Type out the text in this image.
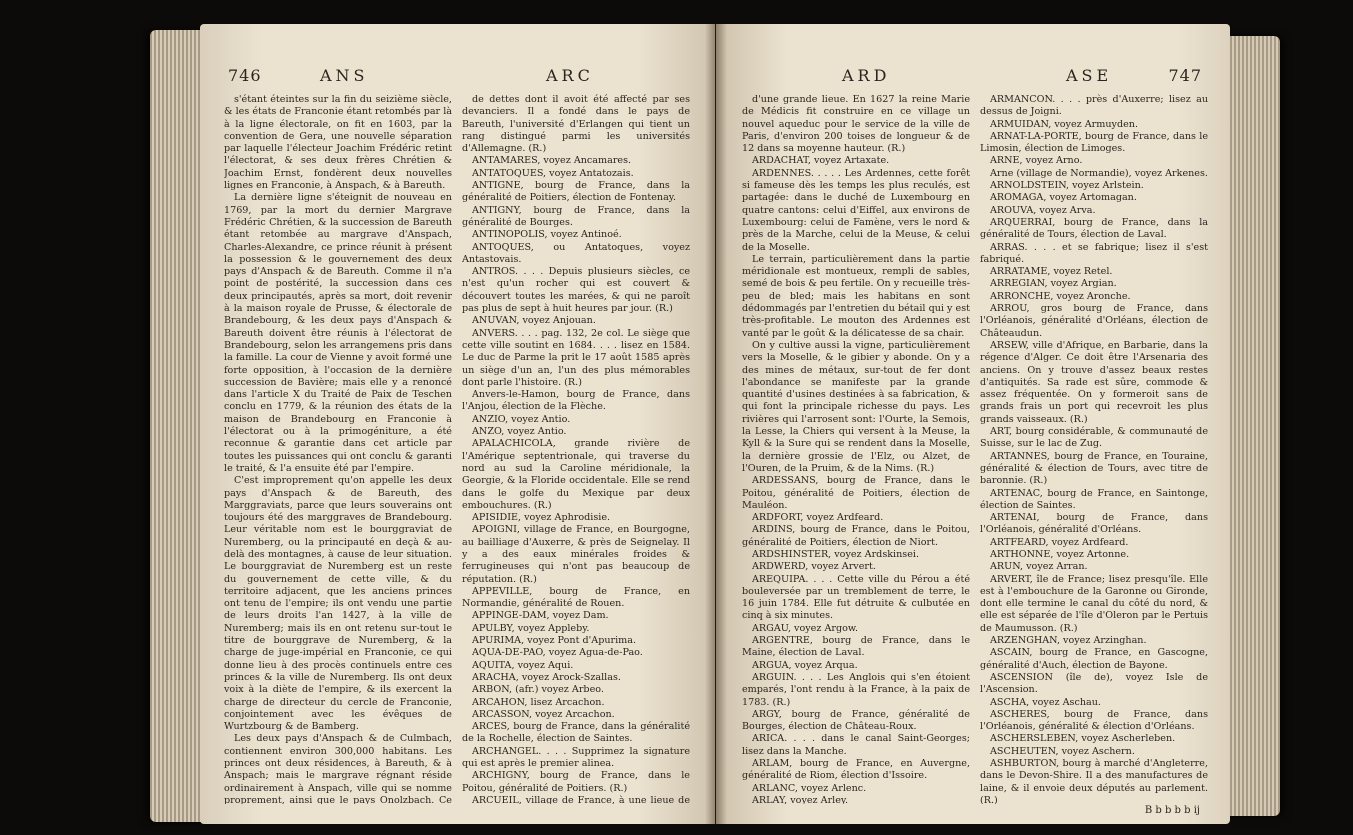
746	ANS	ARC

s'étant éteintes sur la fin du seizième siècle, & les états de Franconie étant retombés par là à la ligne électorale, on fit en 1603, par la convention de Gera, une nouvelle séparation par laquelle l'électeur Joachim Frédéric retint l'électorat, & ses deux frères Chrétien & Joachim Ernst, fondèrent deux nouvelles lignes en Franconie, à Anspach, & à Bareuth.

La dernière ligne s'éteignit de nouveau en 1769, par la mort du dernier Margrave Frédéric Chrétien, & la succession de Bareuth étant retombée au margrave d'Anspach, Charles-Alexandre, ce prince réunit à présent la possession & le gouvernement des deux pays d'Anspach & de Bareuth. Comme il n'a point de postérité, la succession dans ces deux principautés, après sa mort, doit revenir à la maison royale de Prusse, & électorale de Brandebourg, & les deux pays d'Anspach & Bareuth doivent être réunis à l'électorat de Brandebourg, selon les arrangemens pris dans la famille. La cour de Vienne y avoit formé une forte opposition, à l'occasion de la dernière succession de Bavière; mais elle y a renoncé dans l'article X du Traité de Paix de Teschen conclu en 1779, & la réunion des états de la maison de Brandebourg en Franconie à l'électorat ou à la primogéniture, a été reconnue & garantie dans cet article par toutes les puissances qui ont conclu & garanti le traité, & l'a ensuite été par l'empire.

C'est improprement qu'on appelle les deux pays d'Anspach & de Bareuth, des Marggraviats, parce que leurs souverains ont toujours été des marggraves de Brandebourg. Leur véritable nom est le bourggraviat de Nuremberg, ou la principauté en deçà & au-delà des montagnes, à cause de leur situation. Le bourggraviat de Nuremberg est un reste du gouvernement de cette ville, & du territoire adjacent, que les anciens princes ont tenu de l'empire; ils ont vendu une partie de leurs droits l'an 1427, à la ville de Nuremberg; mais ils en ont retenu sur-tout le titre de bourggrave de Nuremberg, & la charge de juge-impérial en Franconie, ce qui donne lieu à des procès continuels entre ces princes & la ville de Nuremberg. Ils ont deux voix à la diète de l'empire, & ils exercent la charge de directeur du cercle de Franconie, conjointement avec les évêques de Wurtzbourg & de Bamberg.

Les deux pays d'Anspach & de Culmbach, contiennent environ 300,000 habitans. Les princes ont deux résidences, à Bareuth, & à Anspach; mais le margrave régnant réside ordinairement à Anspach, ville qui se nomme proprement, ainsi que le pays Onolzbach. Ce

de dettes dont il avoit été affecté par ses devanciers. Il a fondé dans le pays de Bareuth, l'université d'Erlangen qui tient un rang distingué parmi les universités d'Allemagne. (R.)

ANTAMARES, voyez Ancamares.

ANTATOQUES, voyez Antatozais.

ANTIGNE, bourg de France, dans la généralité de Poitiers, élection de Fontenay.

ANTIGNY, bourg de France, dans la généralité de Bourges.

ANTINOPOLIS, voyez Antinoé.

ANTOQUES, ou Antatoques, voyez Antastovais.

ANTROS. . . . Depuis plusieurs siècles, ce n'est qu'un rocher qui est couvert & découvert toutes les marées, & qui ne paroît pas plus de sept à huit heures par jour. (R.)

ANUVAN, voyez Anjouan.

ANVERS. . . . pag. 132, 2e col. Le siège que cette ville soutint en 1684. . . . lisez en 1584. Le duc de Parme la prit le 17 août 1585 après un siège d'un an, l'un des plus mémorables dont parle l'histoire. (R.)

Anvers-le-Hamon, bourg de France, dans l'Anjou, élection de la Flèche.

ANZIO, voyez Antio.

ANZO, voyez Antio.

APALACHICOLA, grande rivière de l'Amérique septentrionale, qui traverse du nord au sud la Caroline méridionale, la Georgie, & la Floride occidentale. Elle se rend dans le golfe du Mexique par deux embouchures. (R.)

APISIDIE, voyez Aphrodisie.

APOIGNI, village de France, en Bourgogne, au bailliage d'Auxerre, & près de Seignelay. Il y a des eaux minérales froides & ferrugineuses qui n'ont pas beaucoup de réputation. (R.)

APPEVILLE, bourg de France, en Normandie, généralité de Rouen.

APPINGE-DAM, voyez Dam.

APULBY, voyez Appleby.

APURIMA, voyez Pont d'Apurima.

AQUA-DE-PAO, voyez Agua-de-Pao.

AQUITA, voyez Aqui.

ARACHA, voyez Arock-Szallas.

ARBON, (afr.) voyez Arbeo.

ARCAHON, lisez Arcachon.

ARCASSON, voyez Arcachon.

ARCES, bourg de France, dans la généralité de la Rochelle, élection de Saintes.

ARCHANGEL. . . . Supprimez la signature qui est après le premier alinea.

ARCHIGNY, bourg de France, dans le Poitou, généralité de Poitiers. (R.)

ARCUEIL, village de France, à une lieue de

ARD	ASE	747

d'une grande lieue. En 1627 la reine Marie de Médicis fit construire en ce village un nouvel aqueduc pour le service de la ville de Paris, d'environ 200 toises de longueur & de 12 dans sa moyenne hauteur. (R.)

ARDACHAT, voyez Artaxate.

ARDENNES. . . . . Les Ardennes, cette forêt si fameuse dès les temps les plus reculés, est partagée: dans le duché de Luxembourg en quatre cantons: celui d'Eiffel, aux environs de Luxembourg: celui de Famène, vers le nord & près de la Marche, celui de la Meuse, & celui de la Moselle.

Le terrain, particulièrement dans la partie méridionale est montueux, rempli de sables, semé de bois & peu fertile. On y recueille très-peu de bled; mais les habitans en sont dédommagés par l'entretien du bétail qui y est très-profitable. Le mouton des Ardennes est vanté par le goût & la délicatesse de sa chair.

On y cultive aussi la vigne, particulièrement vers la Moselle, & le gibier y abonde. On y a des mines de métaux, sur-tout de fer dont l'abondance se manifeste par la grande quantité d'usines destinées à sa fabrication, & qui font la principale richesse du pays. Les rivières qui l'arrosent sont: l'Ourte, la Semois, la Lesse, la Chiers qui versent à la Meuse, la Kyll & la Sure qui se rendent dans la Moselle, la dernière grossie de l'Elz, ou Alzet, de l'Ouren, de la Pruim, & de la Nims. (R.)

ARDESSANS, bourg de France, dans le Poitou, généralité de Poitiers, élection de Mauléon.

ARDFORT, voyez Ardfeard.

ARDINS, bourg de France, dans le Poitou, généralité de Poitiers, élection de Niort.

ARDSHINSTER, voyez Ardskinsei.

ARDWERD, voyez Arvert.

AREQUIPA. . . . Cette ville du Pérou a été bouleversée par un tremblement de terre, le 16 juin 1784. Elle fut détruite & culbutée en cinq à six minutes.

ARGAU, voyez Argow.

ARGENTRE, bourg de France, dans le Maine, élection de Laval.

ARGUA, voyez Arqua.

ARGUIN. . . . Les Anglois qui s'en étoient emparés, l'ont rendu à la France, à la paix de 1783. (R.)

ARGY, bourg de France, généralité de Bourges, élection de Château-Roux.

ARICA. . . . dans le canal Saint-Georges; lisez dans la Manche.

ARLAM, bourg de France, en Auvergne, généralité de Riom, élection d'Issoire.

ARLANC, voyez Arlenc.

ARLAY, voyez Arley.

ARMANCON. . . . près d'Auxerre; lisez au dessus de Joigni.

ARMUIDAN, voyez Armuyden.

ARNAT-LA-PORTE, bourg de France, dans le Limosin, élection de Limoges.

ARNE, voyez Arno.

Arne (village de Normandie), voyez Arkenes.

ARNOLDSTEIN, voyez Arlstein.

AROMAGA, voyez Artomagan.

AROUVA, voyez Arva.

ARQUERRAI, bourg de France, dans la généralité de Tours, élection de Laval.

ARRAS. . . . et se fabrique; lisez il s'est fabriqué.

ARRATAME, voyez Retel.

ARREGIAN, voyez Argian.

ARRONCHE, voyez Aronche.

ARROU, gros bourg de France, dans l'Orléanois, généralité d'Orléans, élection de Châteaudun.

ARSEW, ville d'Afrique, en Barbarie, dans la régence d'Alger. Ce doit être l'Arsenaria des anciens. On y trouve d'assez beaux restes d'antiquités. Sa rade est sûre, commode & assez fréquentée. On y formeroit sans de grands frais un port qui recevroit les plus grands vaisseaux. (R.)

ART, bourg considérable, & communauté de Suisse, sur le lac de Zug.

ARTANNES, bourg de France, en Touraine, généralité & élection de Tours, avec titre de baronnie. (R.)

ARTENAC, bourg de France, en Saintonge, élection de Saintes.

ARTENAI, bourg de France, dans l'Orléanois, généralité d'Orléans.

ARTFEARD, voyez Ardfeard.

ARTHONNE, voyez Artonne.

ARUN, voyez Arran.

ARVERT, île de France; lisez presqu'île. Elle est à l'embouchure de la Garonne ou Gironde, dont elle termine le canal du côté du nord, & elle est séparée de l'île d'Oleron par le Pertuis de Maumusson. (R.)

ARZENGHAN, voyez Arzinghan.

ASCAIN, bourg de France, en Gascogne, généralité d'Auch, élection de Bayone.

ASCENSION (île de), voyez Isle de l'Ascension.

ASCHA, voyez Aschau.

ASCHERES, bourg de France, dans l'Orléanois, généralité & élection d'Orléans.

ASCHERSLEBEN, voyez Ascherleben.

ASCHEUTEN, voyez Aschern.

ASHBURTON, bourg à marché d'Angleterre, dans le Devon-Shire. Il a des manufactures de laine, & il envoie deux députés au parlement. (R.)

B b b b b ij
